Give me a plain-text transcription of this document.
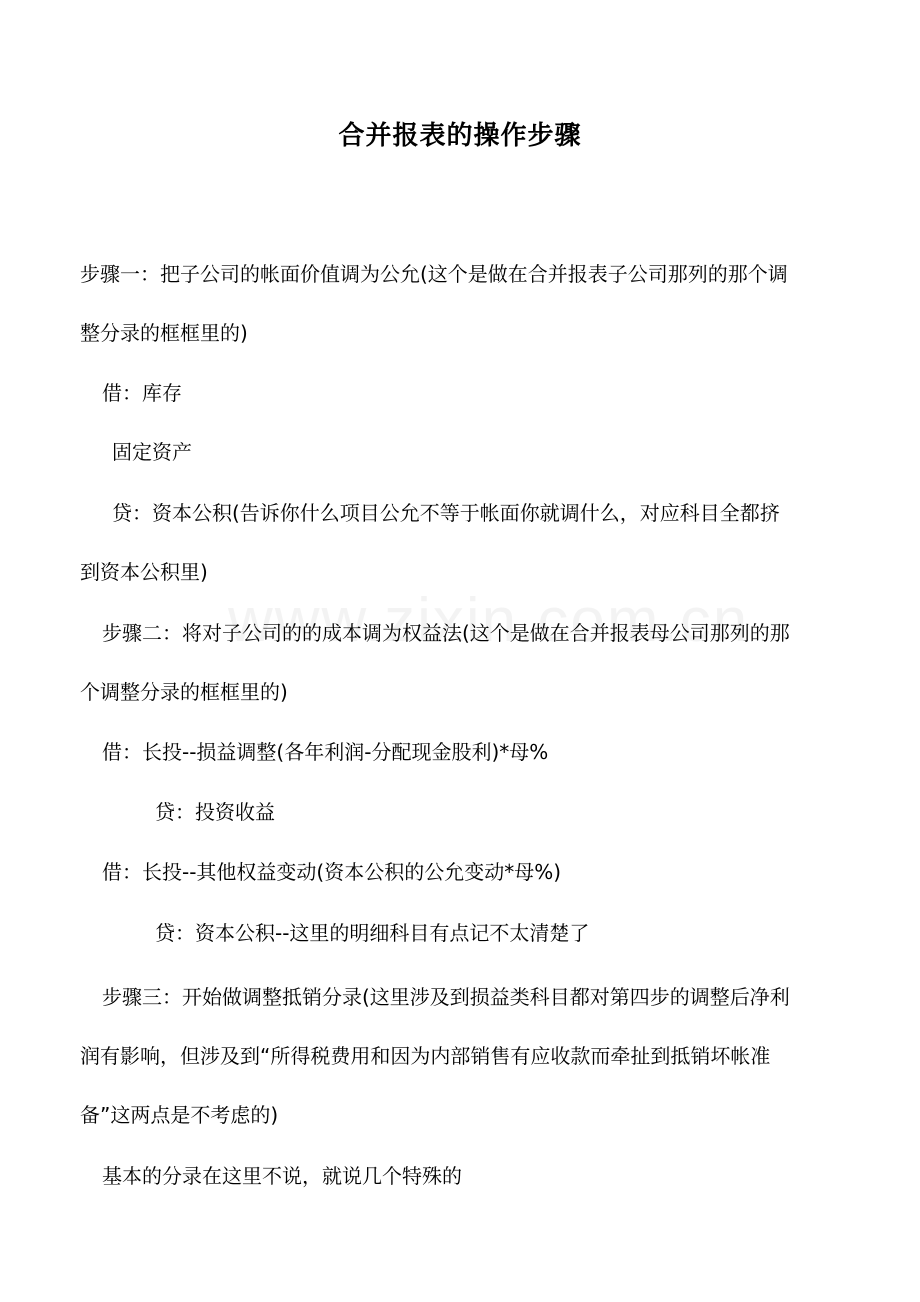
合并报表的操作步骤
步骤一：把子公司的帐面价值调为公允(这个是做在合并报表子公司那列的那个调
整分录的框框里的)
借：库存
固定资产
贷：资本公积(告诉你什么项目公允不等于帐面你就调什么，对应科目全都挤
到资本公积里)
步骤二：将对子公司的的成本调为权益法(这个是做在合并报表母公司那列的那
个调整分录的框框里的)
借：长投--损益调整(各年利润-分配现金股利)*母%
贷：投资收益
借：长投--其他权益变动(资本公积的公允变动*母%)
贷：资本公积--这里的明细科目有点记不太清楚了
步骤三：开始做调整抵销分录(这里涉及到损益类科目都对第四步的调整后净利
润有影响，但涉及到“所得税费用和因为内部销售有应收款而牵扯到抵销坏帐准
备”这两点是不考虑的)
基本的分录在这里不说，就说几个特殊的
